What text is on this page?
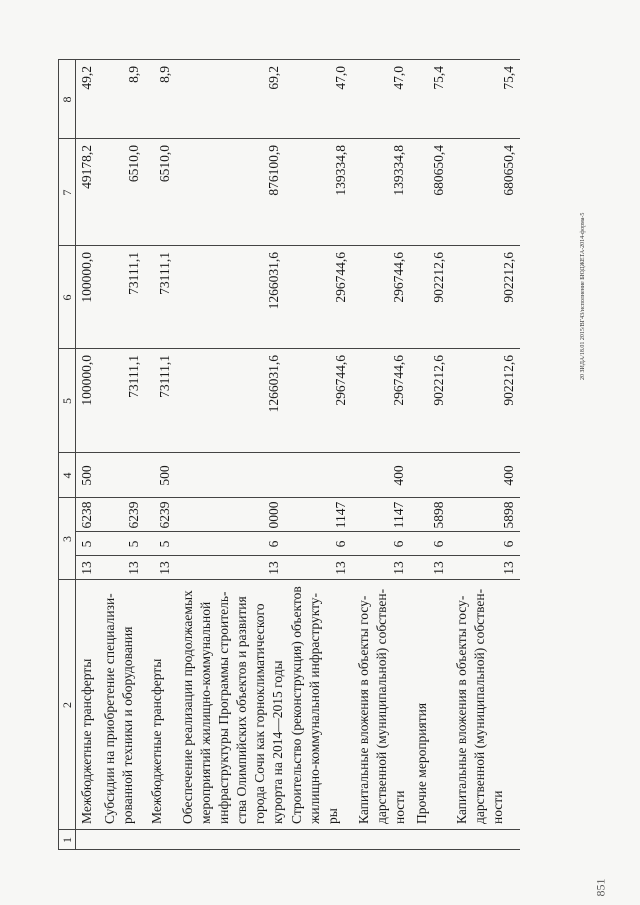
1
2
3
4
5
6
7
8
Межбюджетные трансферты
13
5
6238
500
100000,0
100000,0
49178,2
49,2
Субсидии на приобретение специализи- рованной техники и оборудования
13
5
6239
73111,1
73111,1
6510,0
8,9
Межбюджетные трансферты
13
5
6239
500
73111,1
73111,1
6510,0
8,9
Обеспечение реализации продолжаемых мероприятий жилищно-коммунальной инфраструктуры Программы строитель- ства Олимпийских объектов и развития города Сочи как горноклиматического курорта на 2014—2015 годы
13
6
0000
1266031,6
1266031,6
876100,9
69,2
Строительство (реконструкция) объектов жилищно-коммунальной инфраструкту- ры
13
6
1147
296744,6
296744,6
139334,8
47,0
Капитальные вложения в объекты госу- дарственной (муниципальной) собствен- ности
13
6
1147
400
296744,6
296744,6
139334,8
47,0
Прочие мероприятия
13
6
5898
902212,6
902212,6
680650,4
75,4
Капитальные вложения в объекты госу- дарственной (муниципальной) собствен- ности
13
6
5898
400
902212,6
902212,6
680650,4
75,4
20 ЗИДА/18.01 2015/ВГ43/исполнение БЮДЖЕТА-2014-форма-5
851
